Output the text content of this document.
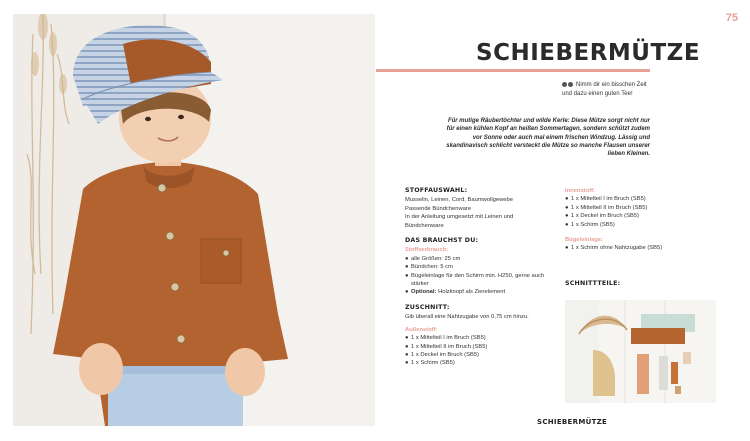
75
SCHIEBERMÜTZE
Nimm dir ein bisschen Zeit und dazu einen guten Tee!

Für mutige Räubertöchter und wilde Kerle: Diese Mütze sorgt nicht nur für einen kühlen Kopf an heißen Sommertagen, sondern schützt zudem vor Sonne oder auch mal einem frischen Windzug. Lässig und skandinavisch schlicht versteckt die Mütze so manche Flausen unserer lieben Kleinen.

STOFFAUSWAHL:

Musselin, Leinen, Cord, Baumwollgewebe

Passende Bündchenware

In der Anleitung umgesetzt mit Leinen und Bündchenware

DAS BRAUCHST DU:

Stoffverbrauch:

● alle Größen: 25 cm
● Bündchen: 5 cm
● Bügeleinlage für den Schirm min. H250, gerne auch stärker
● Optional: Holzknopf als Zierelement

ZUSCHNITT:

Gib überall eine Nahtzugabe von 0,75 cm hinzu.

Außenstoff:

● 1 x Mittelteil I im Bruch (SB5)
● 1 x Mittelteil II im Bruch (SB5)
● 1 x Deckel im Bruch (SB5)
● 1 x Schirm (SB5)

Innenstoff:

● 1 x Mittelteil I im Bruch (SB5)
● 1 x Mittelteil II im Bruch (SB5)
● 1 x Deckel im Bruch (SB5)
● 1 x Schirm (SB5)

Bügeleinlage:

● 1 x Schirm ohne Nahtzugabe (SB5)

SCHNITTTEILE:

SCHIEBERMÜTZE
